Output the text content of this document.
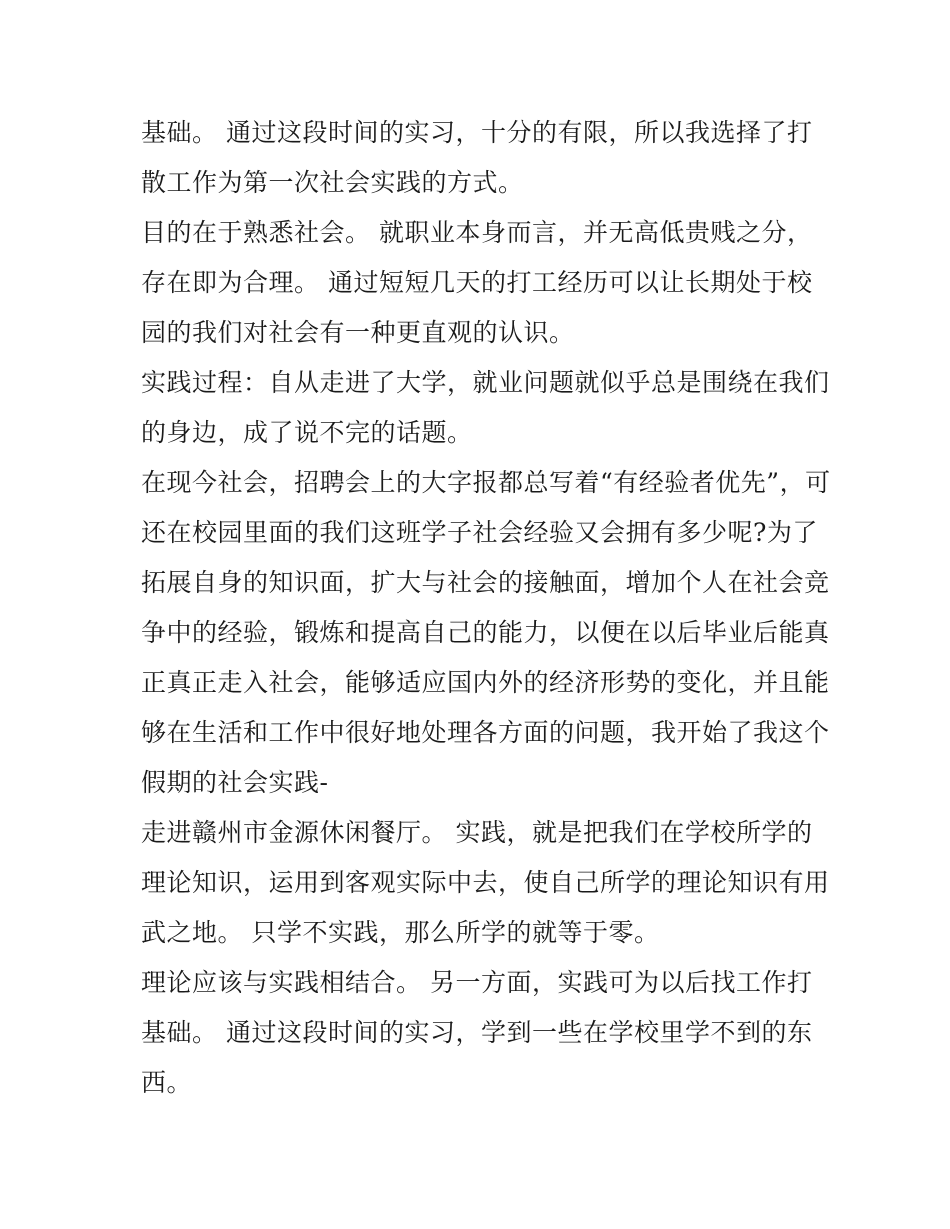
基础。 通过这段时间的实习，十分的有限，所以我选择了打
散工作为第一次社会实践的方式。
目的在于熟悉社会。 就职业本身而言，并无高低贵贱之分，
存在即为合理。 通过短短几天的打工经历可以让长期处于校
园的我们对社会有一种更直观的认识。
实践过程：自从走进了大学，就业问题就似乎总是围绕在我们
的身边，成了说不完的话题。
在现今社会，招聘会上的大字报都总写着“有经验者优先”，可
还在校园里面的我们这班学子社会经验又会拥有多少呢?为了
拓展自身的知识面，扩大与社会的接触面，增加个人在社会竞
争中的经验，锻炼和提高自己的能力，以便在以后毕业后能真
正真正走入社会，能够适应国内外的经济形势的变化，并且能
够在生活和工作中很好地处理各方面的问题，我开始了我这个
假期的社会实践-
走进赣州市金源休闲餐厅。 实践，就是把我们在学校所学的
理论知识，运用到客观实际中去，使自己所学的理论知识有用
武之地。 只学不实践，那么所学的就等于零。
理论应该与实践相结合。 另一方面，实践可为以后找工作打
基础。 通过这段时间的实习，学到一些在学校里学不到的东
西。
